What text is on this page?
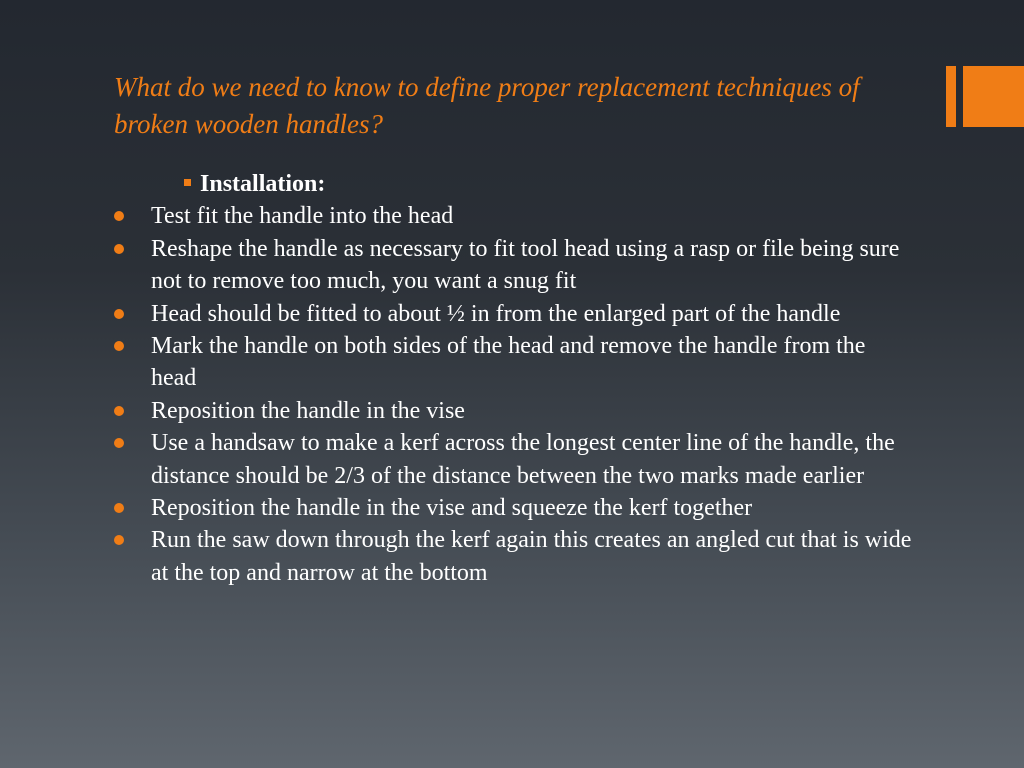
What do we need to know to define proper replacement techniques of broken wooden handles?
Installation:
Test fit the handle into the head
Reshape the handle as necessary to fit tool head using a rasp or file being sure not to remove too much, you want a snug fit
Head should be fitted to about ½ in from the enlarged part of the handle
Mark the handle on both sides of the head and remove the handle from the head
Reposition the handle in the vise
Use a handsaw to make a kerf across the longest center line of the handle, the distance should be 2/3 of the distance between the two marks made earlier
Reposition the handle in the vise and squeeze the kerf together
Run the saw down through the kerf again this creates an angled cut that is wide at the top and narrow at the bottom
